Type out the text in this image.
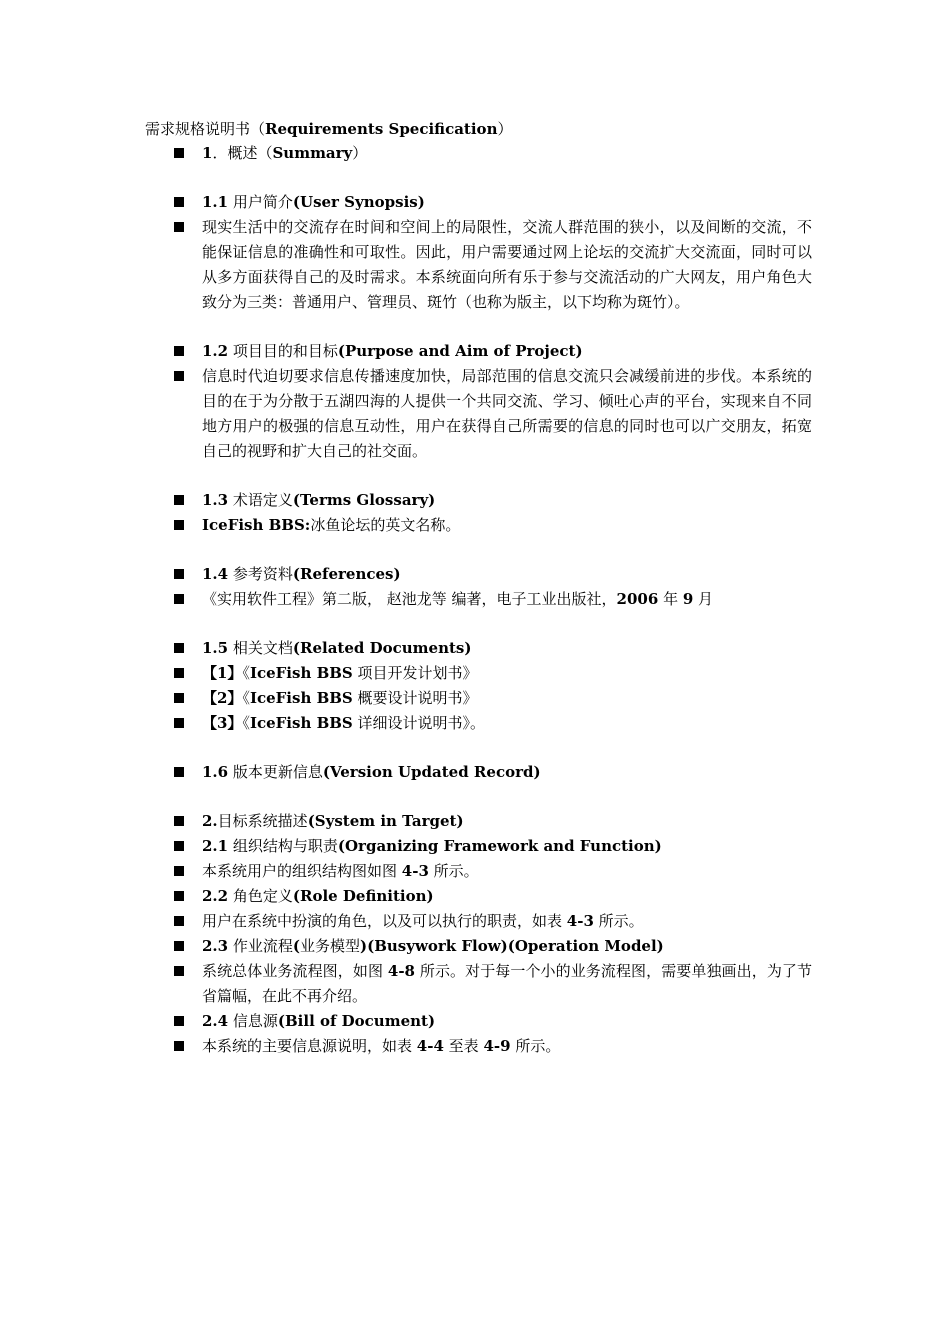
需求规格说明书（Requirements Specification）
1．概述（Summary）
1.1 用户简介(User Synopsis)
现实生活中的交流存在时间和空间上的局限性，交流人群范围的狭小，以及间断的交流，不能保证信息的准确性和可取性。因此，用户需要通过网上论坛的交流扩大交流面，同时可以从多方面获得自己的及时需求。本系统面向所有乐于参与交流活动的广大网友，用户角色大致分为三类：普通用户、管理员、斑竹（也称为版主，以下均称为斑竹）。
1.2 项目目的和目标(Purpose and Aim of Project)
信息时代迫切要求信息传播速度加快，局部范围的信息交流只会减缓前进的步伐。本系统的目的在于为分散于五湖四海的人提供一个共同交流、学习、倾吐心声的平台，实现来自不同地方用户的极强的信息互动性，用户在获得自己所需要的信息的同时也可以广交朋友，拓宽自己的视野和扩大自己的社交面。
1.3 术语定义(Terms Glossary)
IceFish BBS:冰鱼论坛的英文名称。
1.4 参考资料(References)
《实用软件工程》第二版， 赵池龙等 编著，电子工业出版社，2006 年 9 月
1.5 相关文档(Related Documents)
【1】《IceFish BBS 项目开发计划书》
【2】《IceFish BBS 概要设计说明书》
【3】《IceFish BBS 详细设计说明书》。
1.6 版本更新信息(Version Updated Record)
2.目标系统描述(System in Target)
2.1 组织结构与职责(Organizing Framework and Function)
本系统用户的组织结构图如图 4-3 所示。
2.2 角色定义(Role Definition)
用户在系统中扮演的角色，以及可以执行的职责，如表 4-3 所示。
2.3 作业流程(业务模型)(Busywork Flow)(Operation Model)
系统总体业务流程图，如图 4-8 所示。对于每一个小的业务流程图，需要单独画出，为了节省篇幅，在此不再介绍。
2.4 信息源(Bill of Document)
本系统的主要信息源说明，如表 4-4 至表 4-9 所示。
